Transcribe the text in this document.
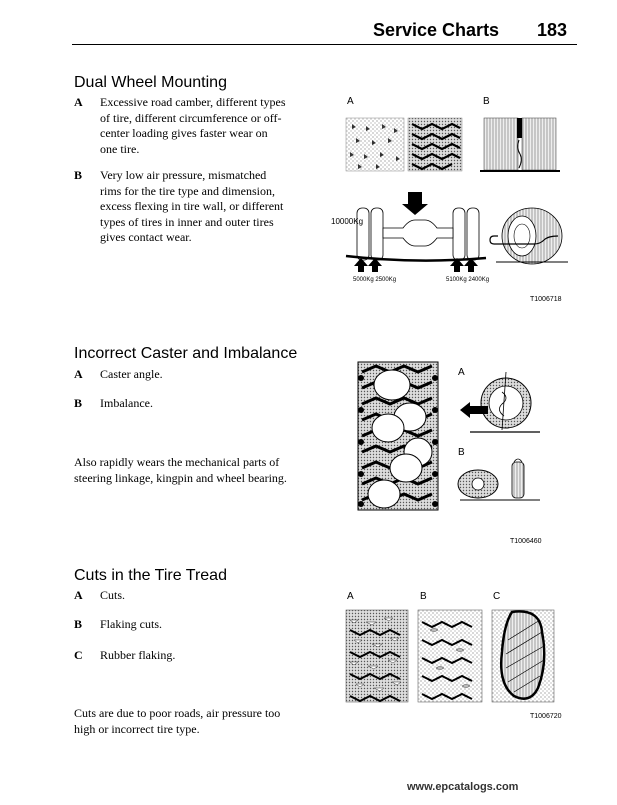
Service Charts 183
Dual Wheel Mounting
A Excessive road camber, different types
of tire, different circumference or off-
center loading gives faster wear on
one tire.
B Very low air pressure, mismatched
rims for the tire type and dimension,
excess flexing in tire wall, or different
types of tires in inner and outer tires
gives contact wear.
A	B
10000Kg
5000Kg 2500Kg	5100Kg 2400Kg
T1006718
Incorrect Caster and Imbalance
A Caster angle.
B Imbalance.
Also rapidly wears the mechanical parts of
steering linkage, kingpin and wheel bearing.
A
B
T1006460
Cuts in the Tire Tread
A Cuts.
B Flaking cuts.
C Rubber flaking.
Cuts are due to poor roads, air pressure too
high or incorrect tire type.
A	B	C
T1006720
www.epcatalogs.com
